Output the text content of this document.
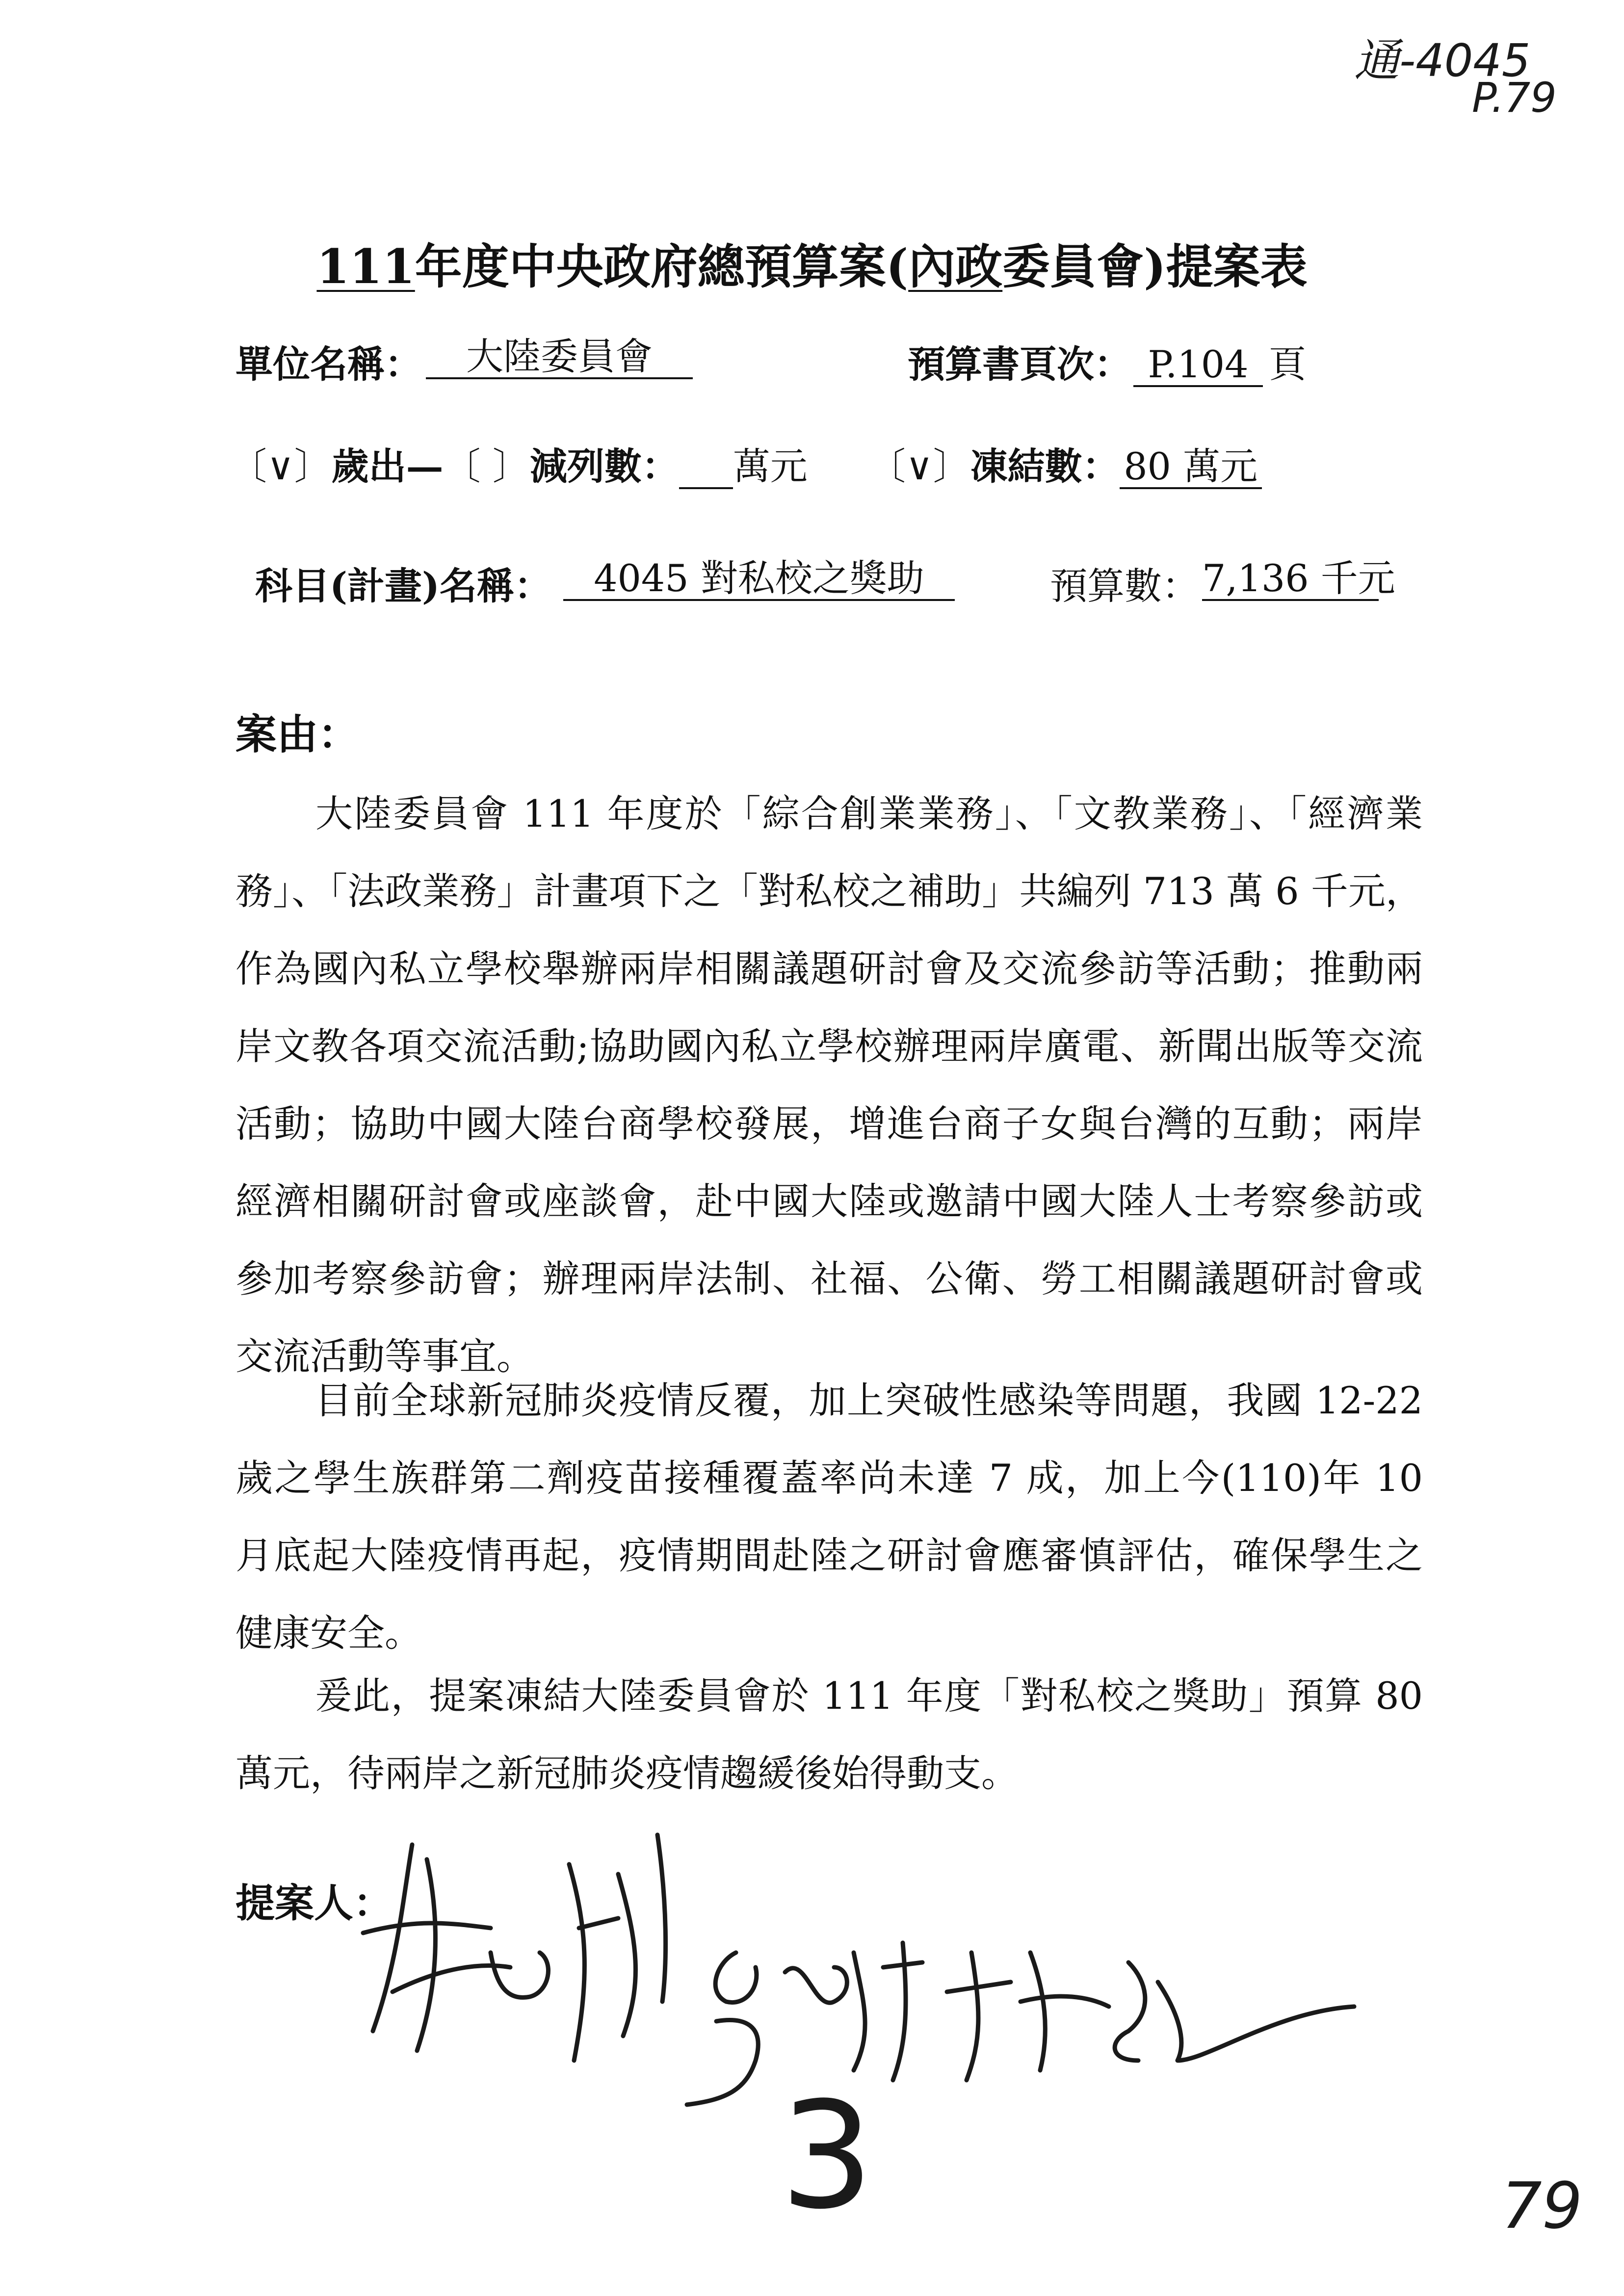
通-4045
P.79
111年度中央政府總預算案(內政委員會)提案表
單位名稱：	大陸委員會	預算書頁次： P.104 頁
〔∨〕歲出—〔 〕減列數： 萬元 〔∨〕凍結數： 80 萬元
科目(計畫)名稱：	4045 對私校之獎助	預算數： 7,136 千元
案由：
大陸委員會 111 年度於「綜合創業業務」、「文教業務」、「經濟業務」、「法政業務」計畫項下之「對私校之補助」共編列 713 萬 6 千元，作為國內私立學校舉辦兩岸相關議題研討會及交流參訪等活動；推動兩岸文教各項交流活動;協助國內私立學校辦理兩岸廣電、新聞出版等交流活動；協助中國大陸台商學校發展，增進台商子女與台灣的互動；兩岸經濟相關研討會或座談會，赴中國大陸或邀請中國大陸人士考察參訪或參加考察參訪會；辦理兩岸法制、社福、公衛、勞工相關議題研討會或交流活動等事宜。
目前全球新冠肺炎疫情反覆，加上突破性感染等問題，我國 12-22 歲之學生族群第二劑疫苗接種覆蓋率尚未達 7 成，加上今(110)年 10 月底起大陸疫情再起，疫情期間赴陸之研討會應審慎評估，確保學生之健康安全。
爰此，提案凍結大陸委員會於 111 年度「對私校之獎助」預算 80 萬元，待兩岸之新冠肺炎疫情趨緩後始得動支。
提案人：
3	79
